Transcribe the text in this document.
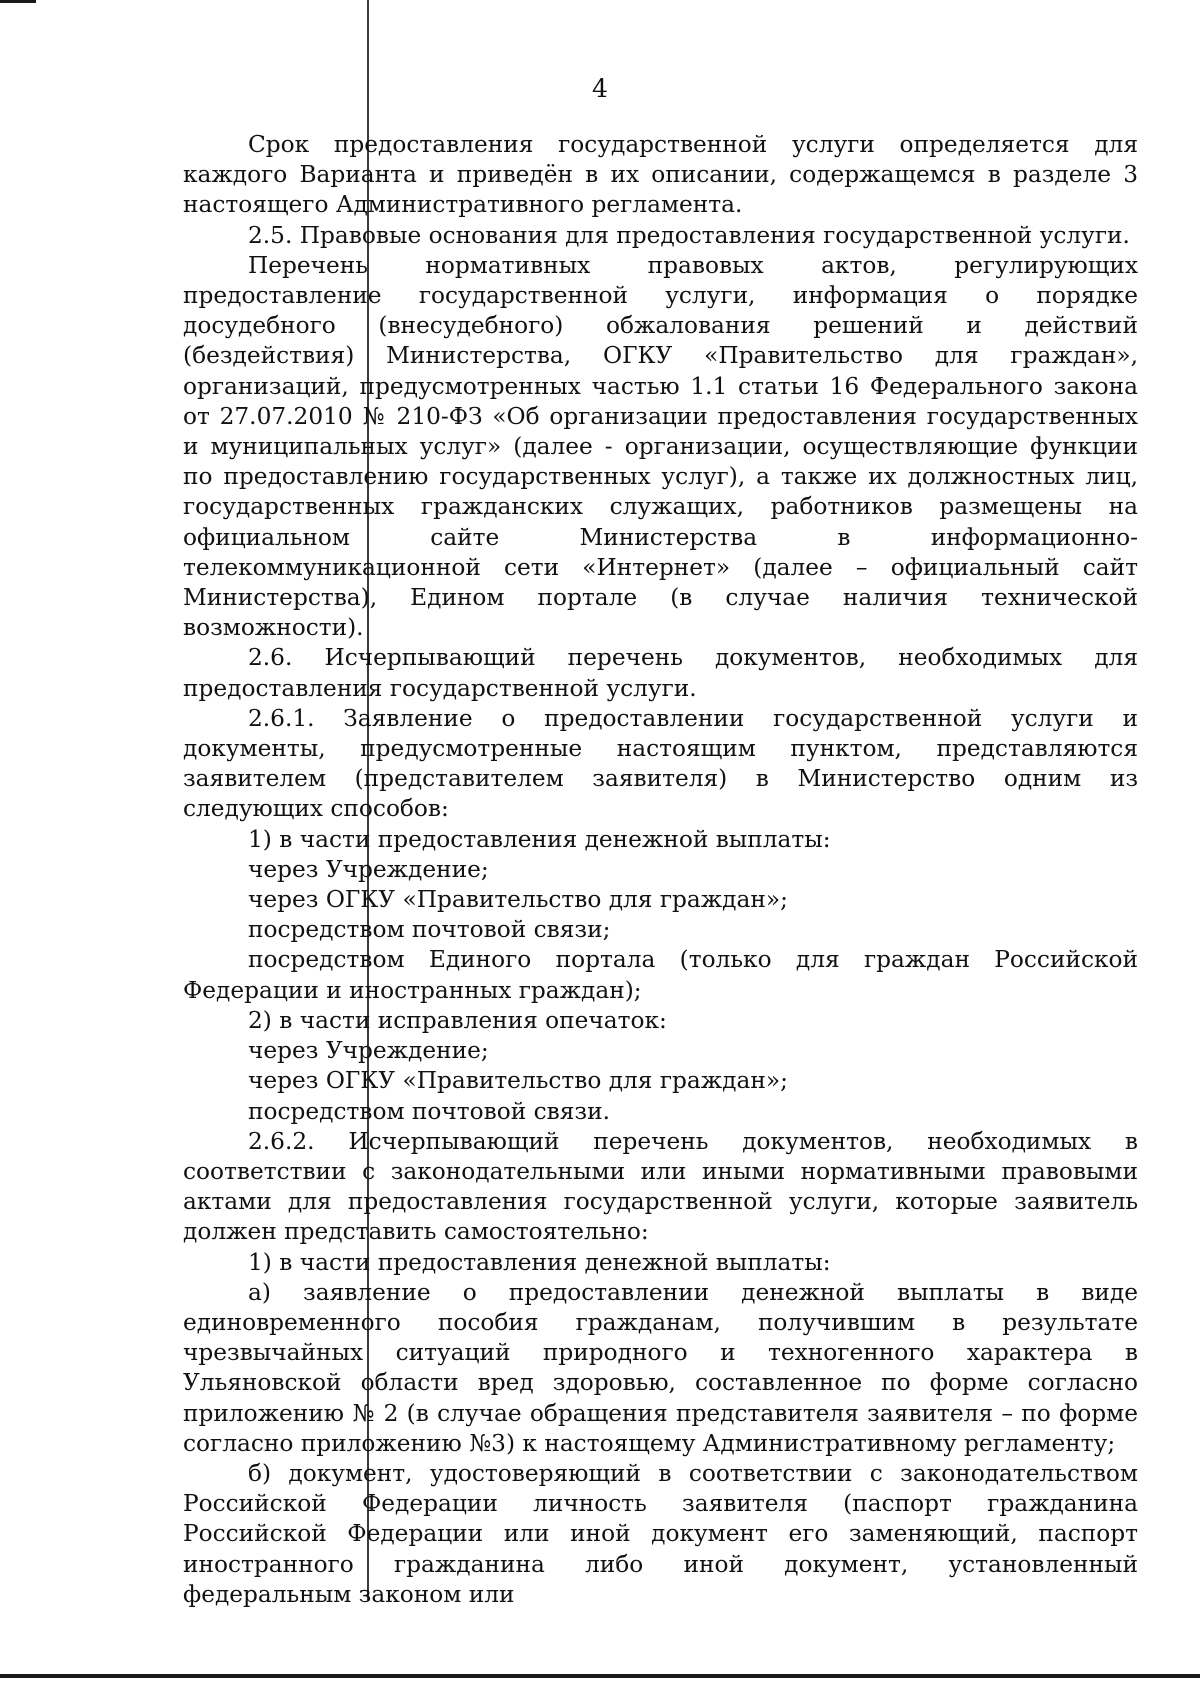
4

Срок предоставления государственной услуги определяется для каждого Варианта и приведён в их описании, содержащемся в разделе 3 настоящего Административного регламента.

2.5. Правовые основания для предоставления государственной услуги.

Перечень нормативных правовых актов, регулирующих предоставление государственной услуги, информация о порядке досудебного (внесудебного) обжалования решений и действий (бездействия) Министерства, ОГКУ «Правительство для граждан», организаций, предусмотренных частью 1.1 статьи 16 Федерального закона от 27.07.2010 № 210-ФЗ «Об организации предоставления государственных и муниципальных услуг» (далее - организации, осуществляющие функции по предоставлению государственных услуг), а также их должностных лиц, государственных гражданских служащих, работников размещены на официальном сайте Министерства в информационно-телекоммуникационной сети «Интернет» (далее – официальный сайт Министерства), Едином портале (в случае наличия технической возможности).

2.6. Исчерпывающий перечень документов, необходимых для предоставления государственной услуги.

2.6.1. Заявление о предоставлении государственной услуги и документы, предусмотренные настоящим пунктом, представляются заявителем (представителем заявителя) в Министерство одним из следующих способов:

1) в части предоставления денежной выплаты:

через Учреждение;

через ОГКУ «Правительство для граждан»;

посредством почтовой связи;

посредством Единого портала (только для граждан Российской Федерации и иностранных граждан);

2) в части исправления опечаток:

через Учреждение;

через ОГКУ «Правительство для граждан»;

посредством почтовой связи.

2.6.2. Исчерпывающий перечень документов, необходимых в соответствии с законодательными или иными нормативными правовыми актами для предоставления государственной услуги, которые заявитель должен представить самостоятельно:

1) в части предоставления денежной выплаты:

а) заявление о предоставлении денежной выплаты в виде единовременного пособия гражданам, получившим в результате чрезвычайных ситуаций природного и техногенного характера в Ульяновской области вред здоровью, составленное по форме согласно приложению № 2 (в случае обращения представителя заявителя – по форме согласно приложению №3) к настоящему Административному регламенту;

б) документ, удостоверяющий в соответствии с законодательством Российской Федерации личность заявителя (паспорт гражданина Российской Федерации или иной документ его заменяющий, паспорт иностранного гражданина либо иной документ, установленный федеральным законом или
